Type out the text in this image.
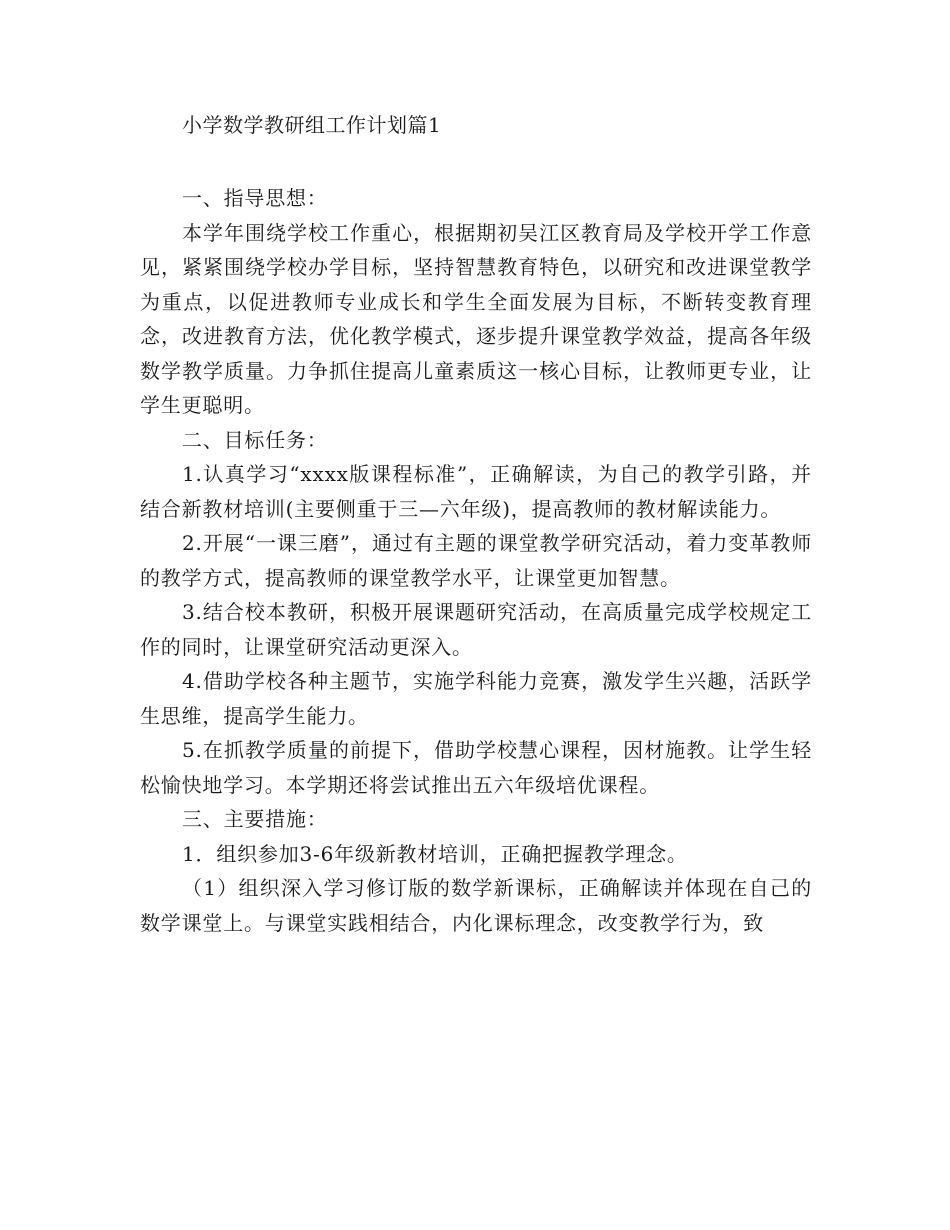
小学数学教研组工作计划篇1

一、指导思想：

本学年围绕学校工作重心，根据期初吴江区教育局及学校开学工作意见，紧紧围绕学校办学目标，坚持智慧教育特色，以研究和改进课堂教学为重点，以促进教师专业成长和学生全面发展为目标，不断转变教育理念，改进教育方法，优化教学模式，逐步提升课堂教学效益，提高各年级数学教学质量。力争抓住提高儿童素质这一核心目标，让教师更专业，让学生更聪明。

二、目标任务：

1.认真学习“xxxx版课程标准”，正确解读，为自己的教学引路，并结合新教材培训(主要侧重于三—六年级)，提高教师的教材解读能力。

2.开展“一课三磨”，通过有主题的课堂教学研究活动，着力变革教师的教学方式，提高教师的课堂教学水平，让课堂更加智慧。

3.结合校本教研，积极开展课题研究活动，在高质量完成学校规定工作的同时，让课堂研究活动更深入。

4.借助学校各种主题节，实施学科能力竞赛，激发学生兴趣，活跃学生思维，提高学生能力。

5.在抓教学质量的前提下，借助学校慧心课程，因材施教。让学生轻松愉快地学习。本学期还将尝试推出五六年级培优课程。

三、主要措施：

1．组织参加3-6年级新教材培训，正确把握教学理念。

（1）组织深入学习修订版的数学新课标，正确解读并体现在自己的数学课堂上。与课堂实践相结合，内化课标理念，改变教学行为，致
